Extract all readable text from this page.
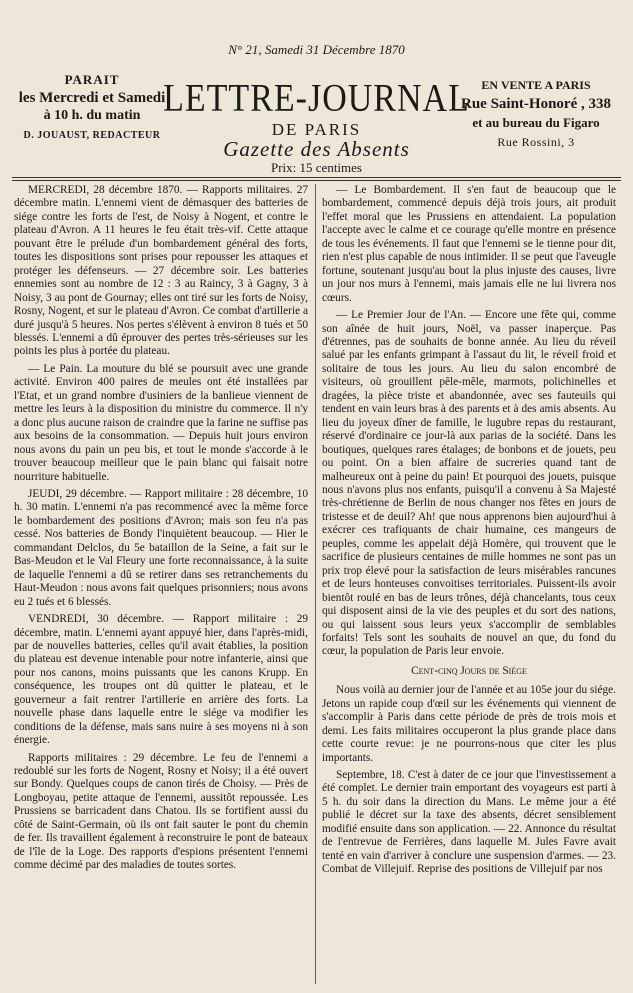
N° 21, Samedi 31 Décembre 1870
PARAIT
les Mercredi et Samedi
à 10 h. du matin
D. JOUAUST, REDACTEUR
LETTRE-JOURNAL
DE PARIS
Gazette des Absents
Prix: 15 centimes
EN VENTE A PARIS
Rue Saint-Honoré , 338
et au bureau du Figaro
Rue Rossini, 3

MERCREDI, 28 décembre 1870. — Rapports militaires. 27 décembre matin. L'ennemi vient de démasquer des batteries de siége contre les forts de l'est, de Noisy à Nogent, et contre le plateau d'Avron. A 11 heures le feu était très-vif. Cette attaque pouvant être le prélude d'un bombardement général des forts, toutes les dispositions sont prises pour repousser les attaques et protéger les défenseurs. — 27 décembre soir. Les batteries ennemies sont au nombre de 12 : 3 au Raincy, 3 à Gagny, 3 à Noisy, 3 au pont de Gournay; elles ont tiré sur les forts de Noisy, Rosny, Nogent, et sur le plateau d'Avron. Ce combat d'artillerie a duré jusqu'à 5 heures. Nos pertes s'élèvent à environ 8 tués et 50 blessés. L'ennemi a dû éprouver des pertes très-sérieuses sur les points les plus à portée du plateau.

— Le Pain. La mouture du blé se poursuit avec une grande activité. Environ 400 paires de meules ont été installées par l'Etat, et un grand nombre d'usiniers de la banlieue viennent de mettre les leurs à la disposition du ministre du commerce. Il n'y a donc plus aucune raison de craindre que la farine ne suffise pas aux besoins de la consommation. — Depuis huit jours environ nous avons du pain un peu bis, et tout le monde s'accorde à le trouver beaucoup meilleur que le pain blanc qui faisait notre nourriture habituelle.

JEUDI, 29 décembre. — Rapport militaire : 28 décembre, 10 h. 30 matin. L'ennemi n'a pas recommencé avec la même force le bombardement des positions d'Avron; mais son feu n'a pas cessé. Nos batteries de Bondy l'inquiètent beaucoup. — Hier le commandant Delclos, du 5e bataillon de la Seine, a fait sur le Bas-Meudon et le Val Fleury une forte reconnaissance, à la suite de laquelle l'ennemi a dû se retirer dans ses retranchements du Haut-Meudon : nous avons fait quelques prisonniers; nous avons eu 2 tués et 6 blessés.

VENDREDI, 30 décembre. — Rapport militaire : 29 décembre, matin. L'ennemi ayant appuyé hier, dans l'après-midi, par de nouvelles batteries, celles qu'il avait établies, la position du plateau est devenue intenable pour notre infanterie, ainsi que pour nos canons, moins puissants que les canons Krupp. En conséquence, les troupes ont dû quitter le plateau, et le gouverneur a fait rentrer l'artillerie en arrière des forts. La nouvelle phase dans laquelle entre le siége va modifier les conditions de la défense, mais sans nuire à ses moyens ni à son énergie.

Rapports militaires : 29 décembre. Le feu de l'ennemi a redoublé sur les forts de Nogent, Rosny et Noisy; il a été ouvert sur Bondy. Quelques coups de canon tirés de Choisy. — Près de Longboyau, petite attaque de l'ennemi, aussitôt repoussée. Les Prussiens se barricadent dans Chatou. Ils se fortifient aussi du côté de Saint-Germain, où ils ont fait sauter le pont du chemin de fer. Ils travaillent également à reconstruire le pont de bateaux de l'île de la Loge. Des rapports d'espions présentent l'ennemi comme décimé par des maladies de toutes sortes.

— Le Bombardement. Il s'en faut de beaucoup que le bombardement, commencé depuis déjà trois jours, ait produit l'effet moral que les Prussiens en attendaient. La population l'accepte avec le calme et ce courage qu'elle montre en présence de tous les événements. Il faut que l'ennemi se le tienne pour dit, rien n'est plus capable de nous intimider. Il se peut que l'aveugle fortune, soutenant jusqu'au bout la plus injuste des causes, livre un jour nos murs à l'ennemi, mais jamais elle ne lui livrera nos cœurs.

— Le Premier Jour de l'An. — Encore une fête qui, comme son aînée de huit jours, Noël, va passer inaperçue. Pas d'étrennes, pas de souhaits de bonne année. Au lieu du réveil salué par les enfants grimpant à l'assaut du lit, le réveil froid et solitaire de tous les jours. Au lieu du salon encombré de visiteurs, où grouillent pêle-mêle, marmots, polichinelles et dragées, la pièce triste et abandonnée, avec ses fauteuils qui tendent en vain leurs bras à des parents et à des amis absents. Au lieu du joyeux dîner de famille, le lugubre repas du restaurant, réservé d'ordinaire ce jour-là aux parias de la société. Dans les boutiques, quelques rares étalages; de bonbons et de jouets, peu ou point. On a bien affaire de sucreries quand tant de malheureux ont à peine du pain! Et pourquoi des jouets, puisque nous n'avons plus nos enfants, puisqu'il a convenu à Sa Majesté très-chrétienne de Berlin de nous changer nos fêtes en jours de tristesse et de deuil? Ah! que nous apprenons bien aujourd'hui à exécrer ces trafiquants de chair humaine, ces mangeurs de peuples, comme les appelait déjà Homère, qui trouvent que le sacrifice de plusieurs centaines de mille hommes ne sont pas un prix trop élevé pour la satisfaction de leurs misérables rancunes et de leurs honteuses convoitises territoriales. Puissent-ils avoir bientôt roulé en bas de leurs trônes, déjà chancelants, tous ceux qui disposent ainsi de la vie des peuples et du sort des nations, ou qui laissent sous leurs yeux s'accomplir de semblables forfaits! Tels sont les souhaits de nouvel an que, du fond du cœur, la population de Paris leur envoie.

Cent-cinq Jours de Siége

Nous voilà au dernier jour de l'année et au 105e jour du siége. Jetons un rapide coup d'œil sur les événements qui viennent de s'accomplir à Paris dans cette période de près de trois mois et demi. Les faits militaires occuperont la plus grande place dans cette courte revue: je ne pourrons-nous que citer les plus importants.

Septembre, 18. C'est à dater de ce jour que l'investissement a été complet. Le dernier train emportant des voyageurs est parti à 5 h. du soir dans la direction du Mans. Le même jour a été publié le décret sur la taxe des absents, décret sensiblement modifié ensuite dans son application. — 22. Annonce du résultat de l'entrevue de Ferrières, dans laquelle M. Jules Favre avait tenté en vain d'arriver à conclure une suspension d'armes. — 23. Combat de Villejuif. Reprise des positions de Villejuif par nos
